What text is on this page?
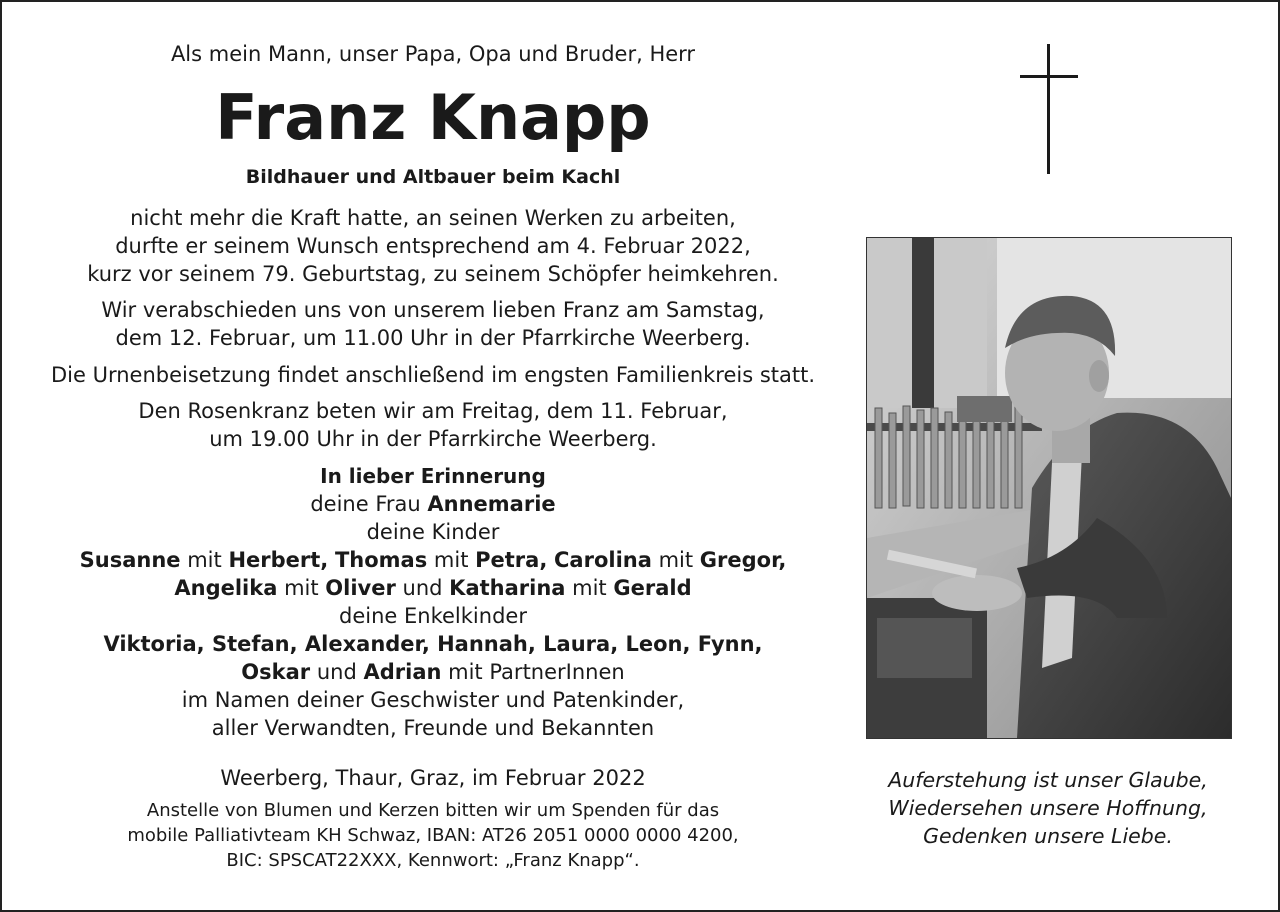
Als mein Mann, unser Papa, Opa und Bruder, Herr
Franz Knapp
Bildhauer und Altbauer beim Kachl
nicht mehr die Kraft hatte, an seinen Werken zu arbeiten,
durfte er seinem Wunsch entsprechend am 4. Februar 2022,
kurz vor seinem 79. Geburtstag, zu seinem Schöpfer heimkehren.
Wir verabschieden uns von unserem lieben Franz am Samstag,
dem 12. Februar, um 11.00 Uhr in der Pfarrkirche Weerberg.
Die Urnenbeisetzung findet anschließend im engsten Familienkreis statt.
Den Rosenkranz beten wir am Freitag, dem 11. Februar,
um 19.00 Uhr in der Pfarrkirche Weerberg.
In lieber Erinnerung
deine Frau Annemarie
deine Kinder
Susanne mit Herbert, Thomas mit Petra, Carolina mit Gregor,
Angelika mit Oliver und Katharina mit Gerald
deine Enkelkinder
Viktoria, Stefan, Alexander, Hannah, Laura, Leon, Fynn,
Oskar und Adrian mit PartnerInnen
im Namen deiner Geschwister und Patenkinder,
aller Verwandten, Freunde und Bekannten
Weerberg, Thaur, Graz, im Februar 2022
Anstelle von Blumen und Kerzen bitten wir um Spenden für das
mobile Palliativteam KH Schwaz, IBAN: AT26 2051 0000 0000 4200,
BIC: SPSCAT22XXX, Kennwort: „Franz Knapp“.
Auferstehung ist unser Glaube,
Wiedersehen unsere Hoffnung,
Gedenken unsere Liebe.
